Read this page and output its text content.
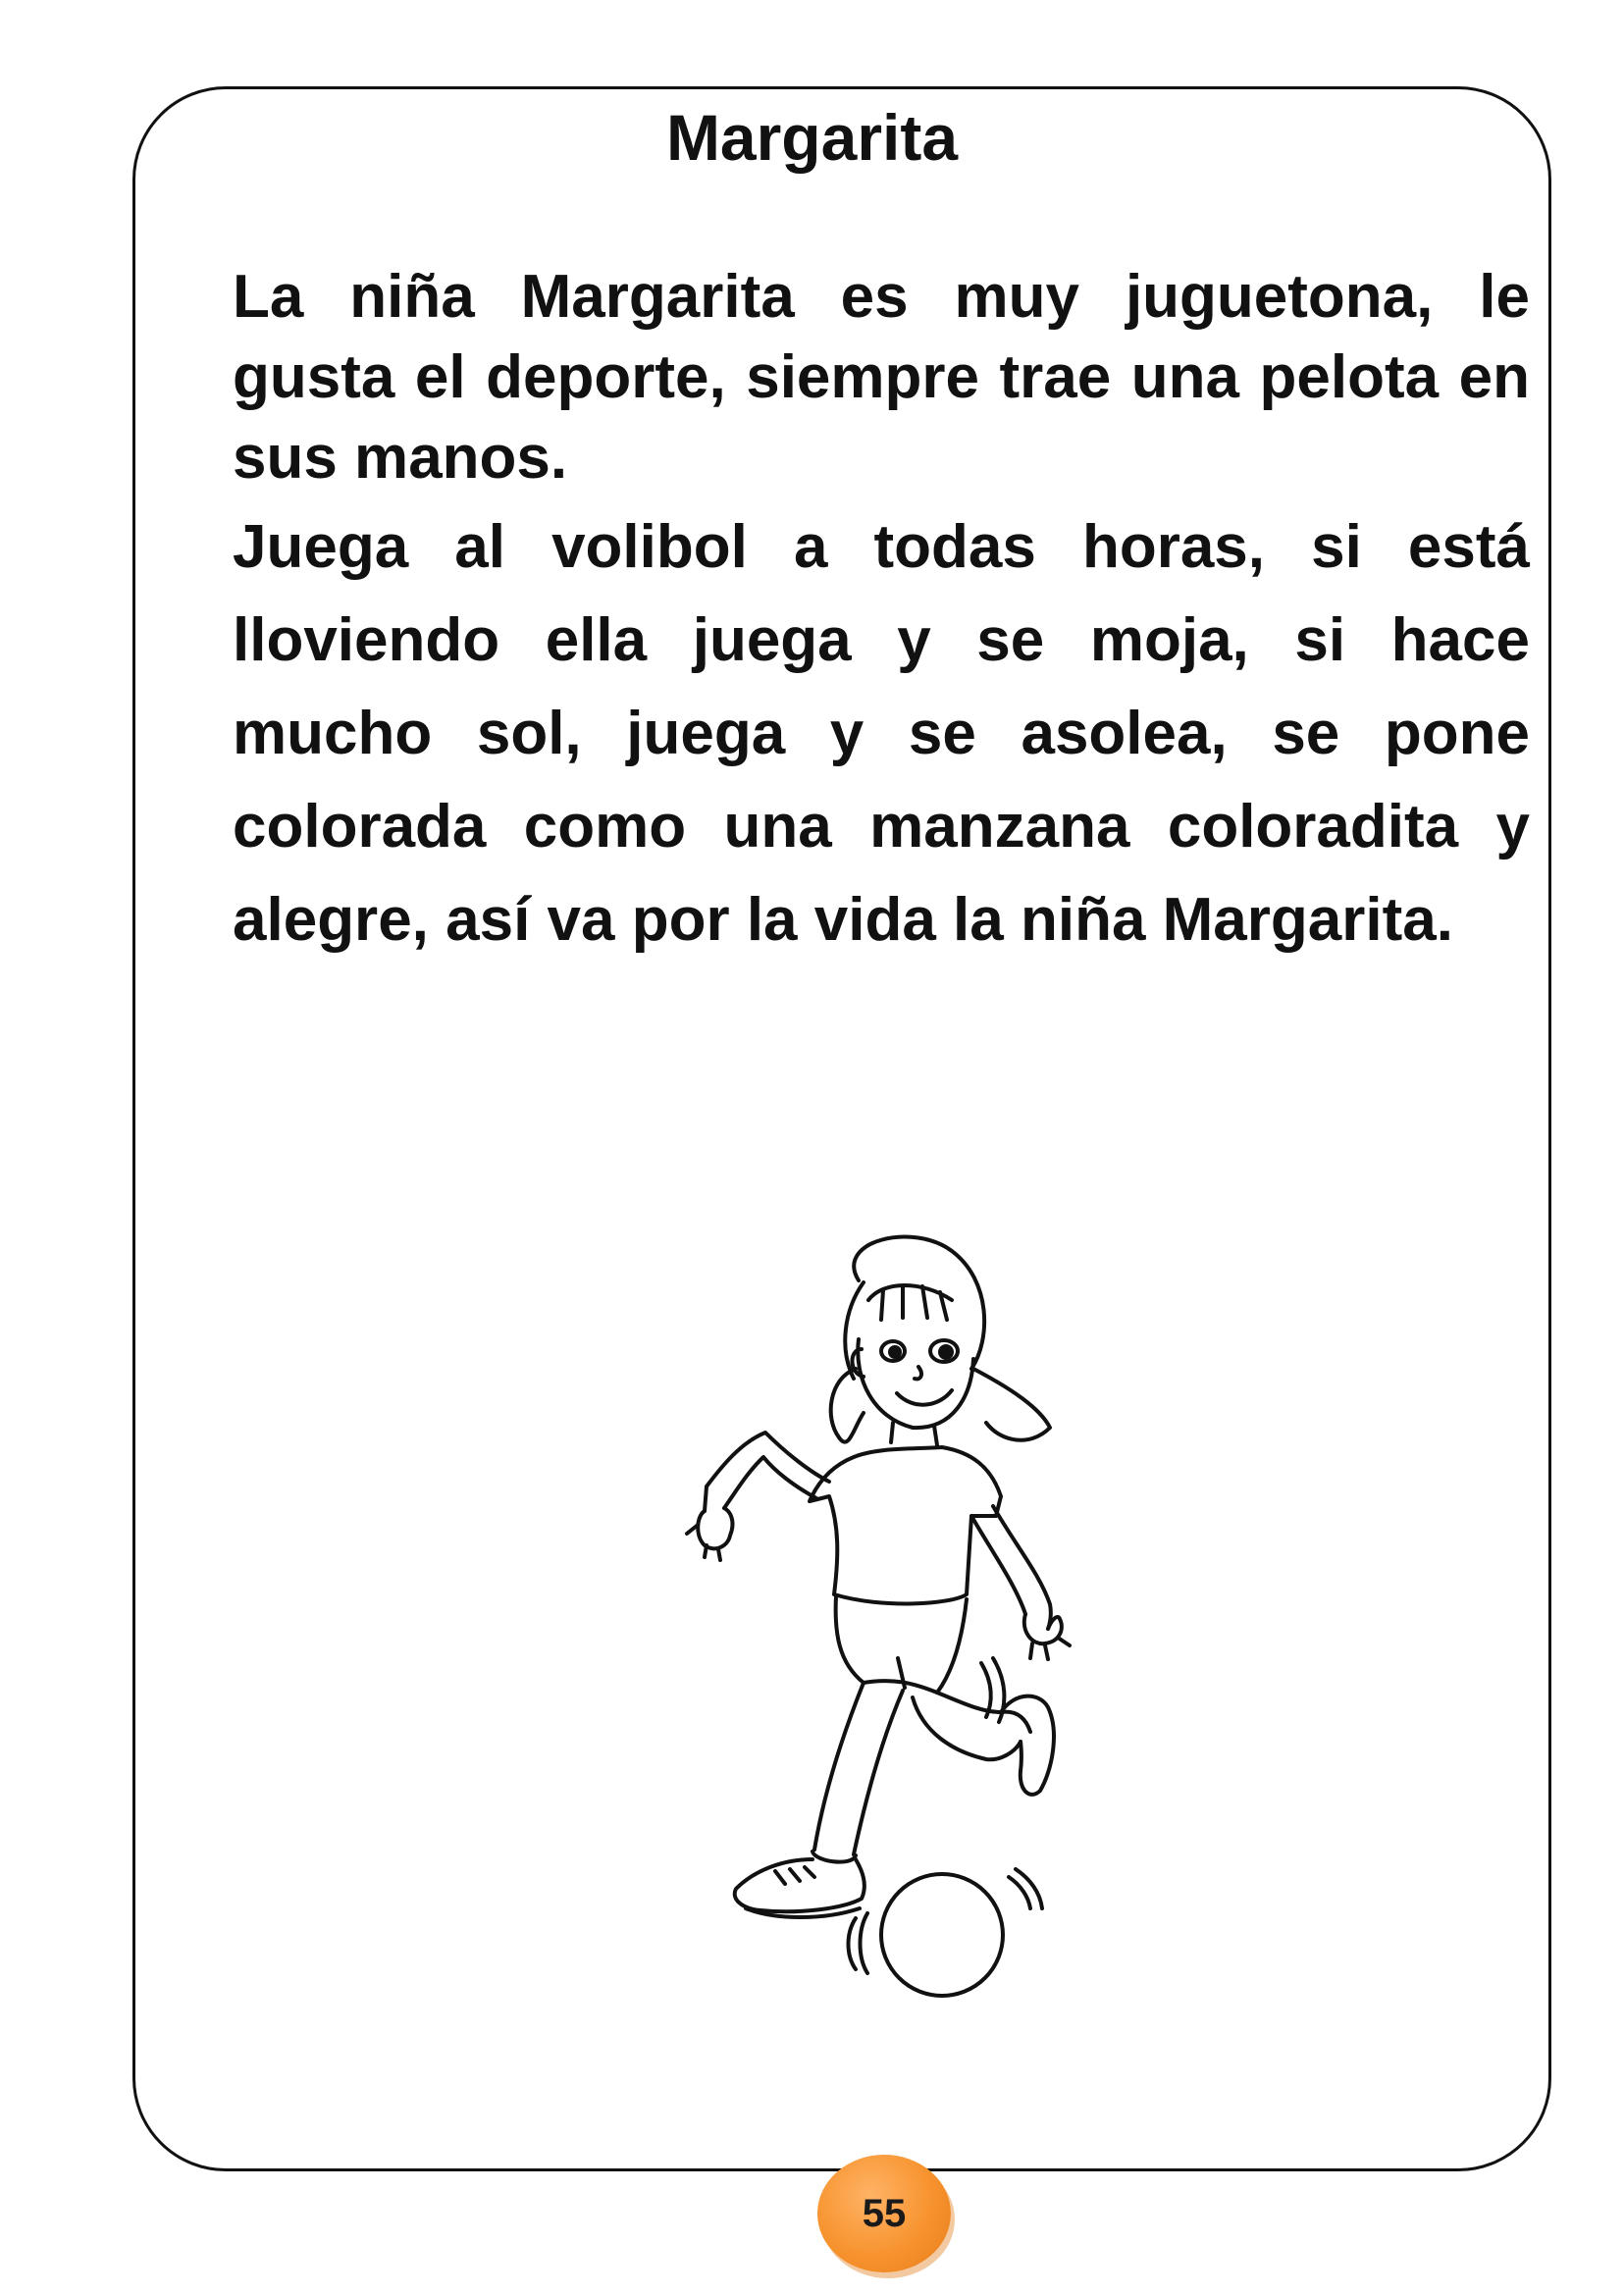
Margarita

La niña Margarita es muy juguetona, le gusta el deporte, siempre trae una pelota en sus manos.

Juega al volibol a todas horas, si está lloviendo ella juega y se moja, si hace mucho sol, juega y se asolea, se pone colorada como una manzana coloradita y alegre, así va por la vida la niña Margarita.

55
